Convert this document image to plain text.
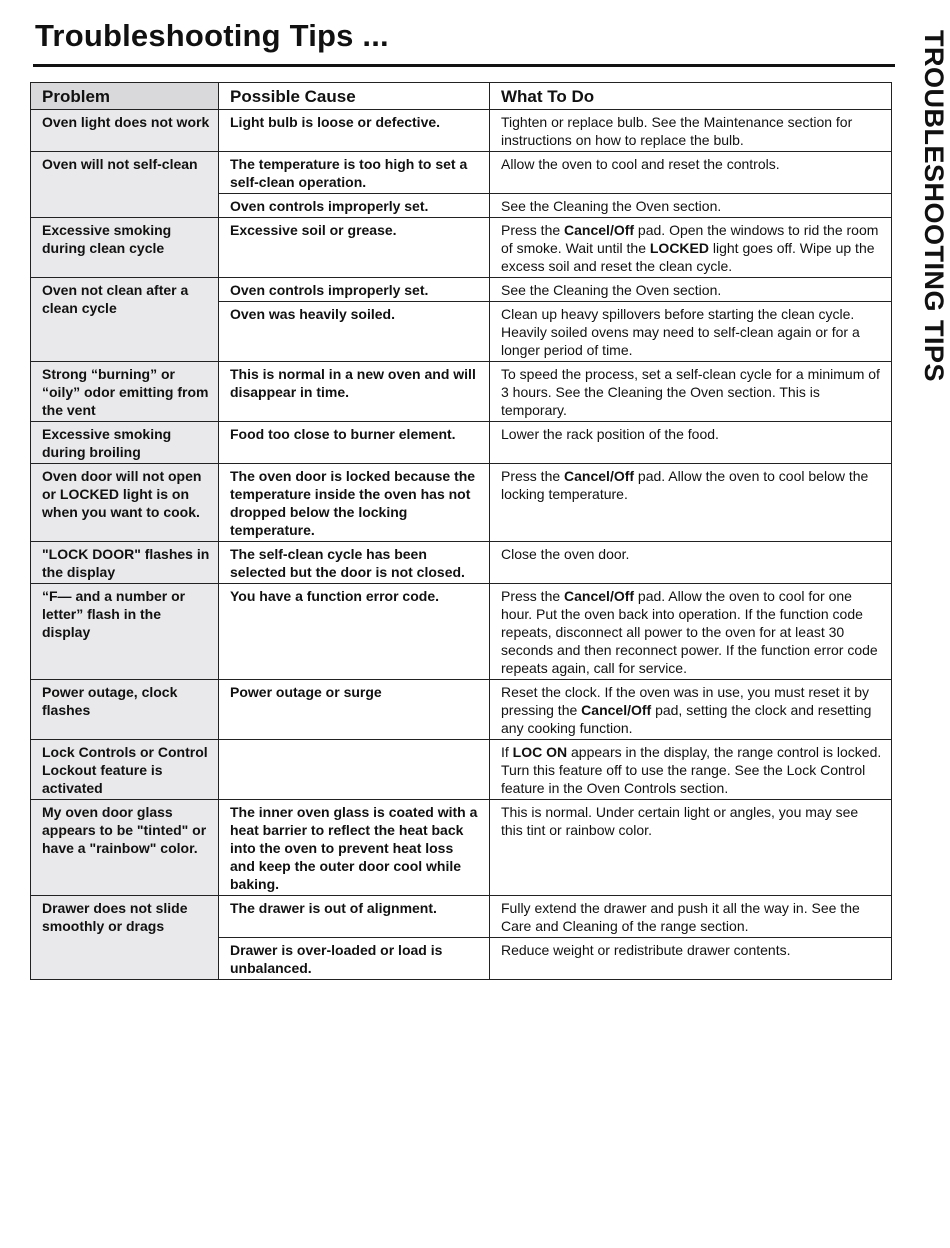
Troubleshooting Tips ...	TROUBLESHOOTING TIPS
Problem	Possible Cause	What To Do
Oven light does not work	Light bulb is loose or defective.	Tighten or replace bulb. See the Maintenance section for instructions on how to replace the bulb.
Oven will not self-clean	The temperature is too high to set a self-clean operation.	Allow the oven to cool and reset the controls.
	Oven controls improperly set.	See the Cleaning the Oven section.
Excessive smoking during clean cycle	Excessive soil or grease.	Press the Cancel/Off pad. Open the windows to rid the room of smoke. Wait until the LOCKED light goes off. Wipe up the excess soil and reset the clean cycle.
Oven not clean after a clean cycle	Oven controls improperly set.	See the Cleaning the Oven section.
	Oven was heavily soiled.	Clean up heavy spillovers before starting the clean cycle. Heavily soiled ovens may need to self-clean again or for a longer period of time.
Strong “burning” or “oily” odor emitting from the vent	This is normal in a new oven and will disappear in time.	To speed the process, set a self-clean cycle for a minimum of 3 hours. See the Cleaning the Oven section. This is temporary.
Excessive smoking during broiling	Food too close to burner element.	Lower the rack position of the food.
Oven door will not open or LOCKED light is on when you want to cook.	The oven door is locked because the temperature inside the oven has not dropped below the locking temperature.	Press the Cancel/Off pad. Allow the oven to cool below the locking temperature.
"LOCK DOOR" flashes in the display	The self-clean cycle has been selected but the door is not closed.	Close the oven door.
“F— and a number or letter” flash in the display	You have a function error code.	Press the Cancel/Off pad. Allow the oven to cool for one hour. Put the oven back into operation. If the function code repeats, disconnect all power to the oven for at least 30 seconds and then reconnect power. If the function error code repeats again, call for service.
Power outage, clock flashes	Power outage or surge	Reset the clock. If the oven was in use, you must reset it by pressing the Cancel/Off pad, setting the clock and resetting any cooking function.
Lock Controls or Control Lockout feature is activated		If LOC ON appears in the display, the range control is locked. Turn this feature off to use the range. See the Lock Control feature in the Oven Controls section.
My oven door glass appears to be "tinted" or have a "rainbow" color.	The inner oven glass is coated with a heat barrier to reflect the heat back into the oven to prevent heat loss and keep the outer door cool while baking.	This is normal. Under certain light or angles, you may see this tint or rainbow color.
Drawer does not slide smoothly or drags	The drawer is out of alignment.	Fully extend the drawer and push it all the way in. See the Care and Cleaning of the range section.
	Drawer is over-loaded or load is unbalanced.	Reduce weight or redistribute drawer contents.
